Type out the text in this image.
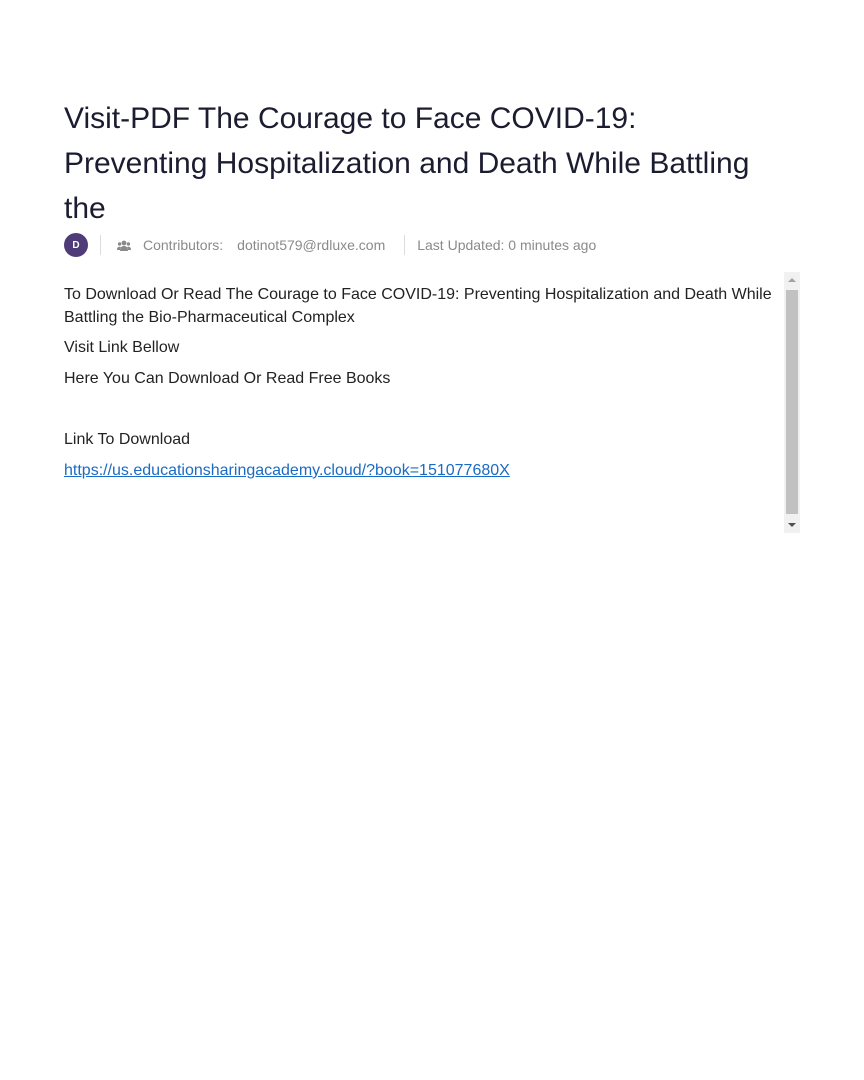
Visit-PDF The Courage to Face COVID-19: Preventing Hospitalization and Death While Battling the
D	Contributors: dotinot579@rdluxe.com Last Updated: 0 minutes ago

To Download Or Read The Courage to Face COVID-19: Preventing Hospitalization and Death While Battling the Bio-Pharmaceutical Complex

Visit Link Bellow

Here You Can Download Or Read Free Books

Link To Download

https://us.educationsharingacademy.cloud/?book=151077680X
